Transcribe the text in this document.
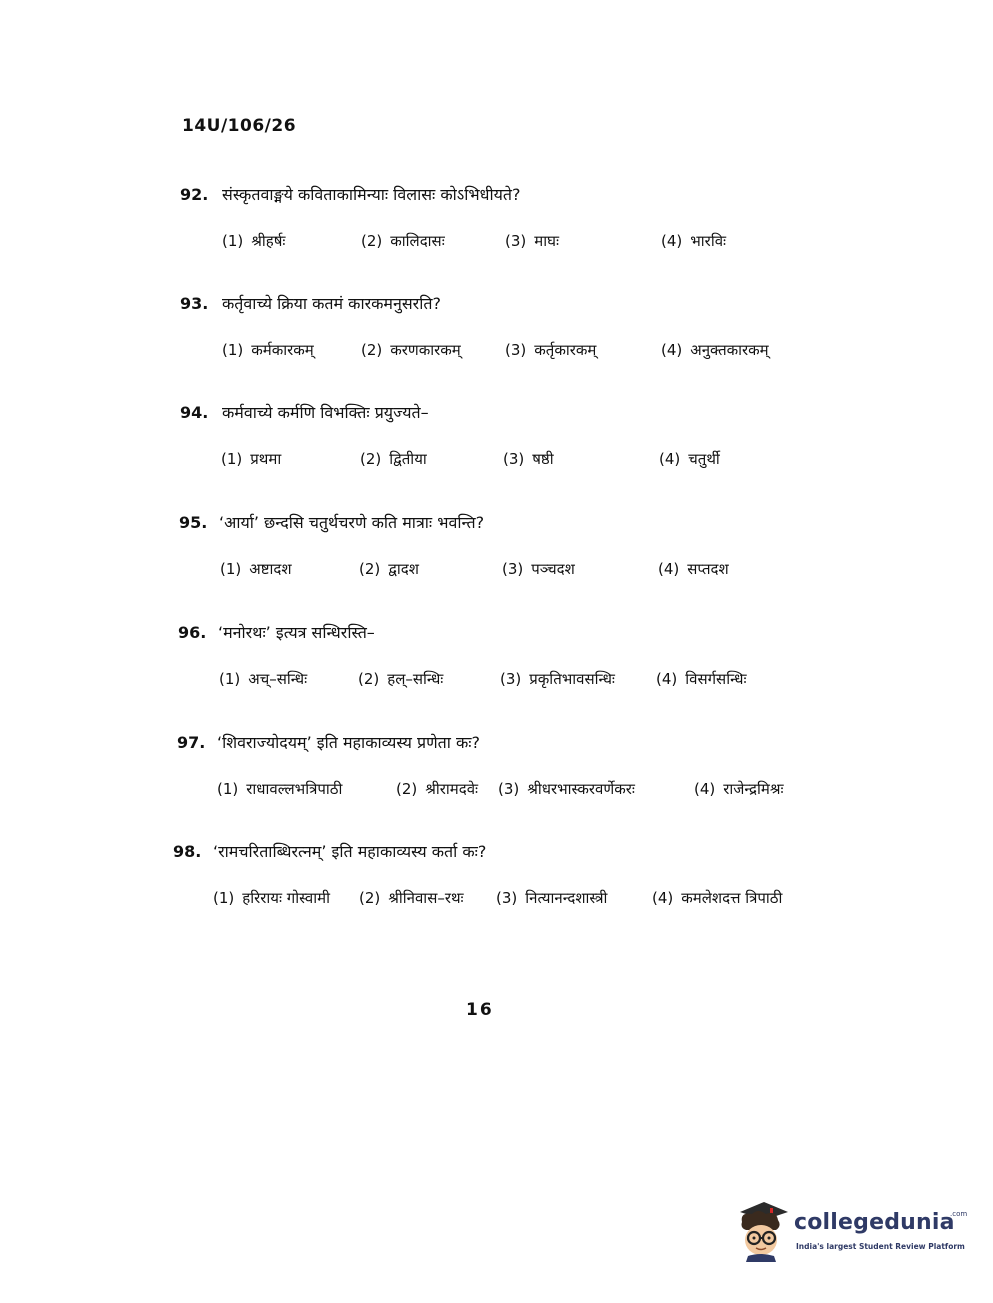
14U/106/26
92. संस्कृतवाङ्मये कविताकामिन्याः विलासः कोऽभिधीयते?
(1) श्रीहर्षः	(2) कालिदासः	(3) माघः	(4) भारविः
93. कर्तृवाच्ये क्रिया कतमं कारकमनुसरति?
(1) कर्मकारकम्	(2) करणकारकम्	(3) कर्तृकारकम्	(4) अनुक्तकारकम्
94. कर्मवाच्ये कर्मणि विभक्तिः प्रयुज्यते–
(1) प्रथमा	(2) द्वितीया	(3) षष्ठी	(4) चतुर्थी
95. ‘आर्या’ छन्दसि चतुर्थचरणे कति मात्राः भवन्ति?
(1) अष्टादश	(2) द्वादश	(3) पञ्चदश	(4) सप्तदश
96. ‘मनोरथः’ इत्यत्र सन्धिरस्ति–
(1) अच्–सन्धिः	(2) हल्–सन्धिः	(3) प्रकृतिभावसन्धिः	(4) विसर्गसन्धिः
97. ‘शिवराज्योदयम्’ इति महाकाव्यस्य प्रणेता कः?
(1) राधावल्लभत्रिपाठी	(2) श्रीरामदवेः (3) श्रीधरभास्करवर्णेकरः	(4) राजेन्द्रमिश्रः
98. ‘रामचरिताब्धिरत्नम्’ इति महाकाव्यस्य कर्ता कः?
(1) हरिरायः गोस्वामी (2) श्रीनिवास–रथः (3) नित्यानन्दशास्त्री	(4) कमलेशदत्त त्रिपाठी
16
collegedunia
.com
India's largest Student Review Platform
